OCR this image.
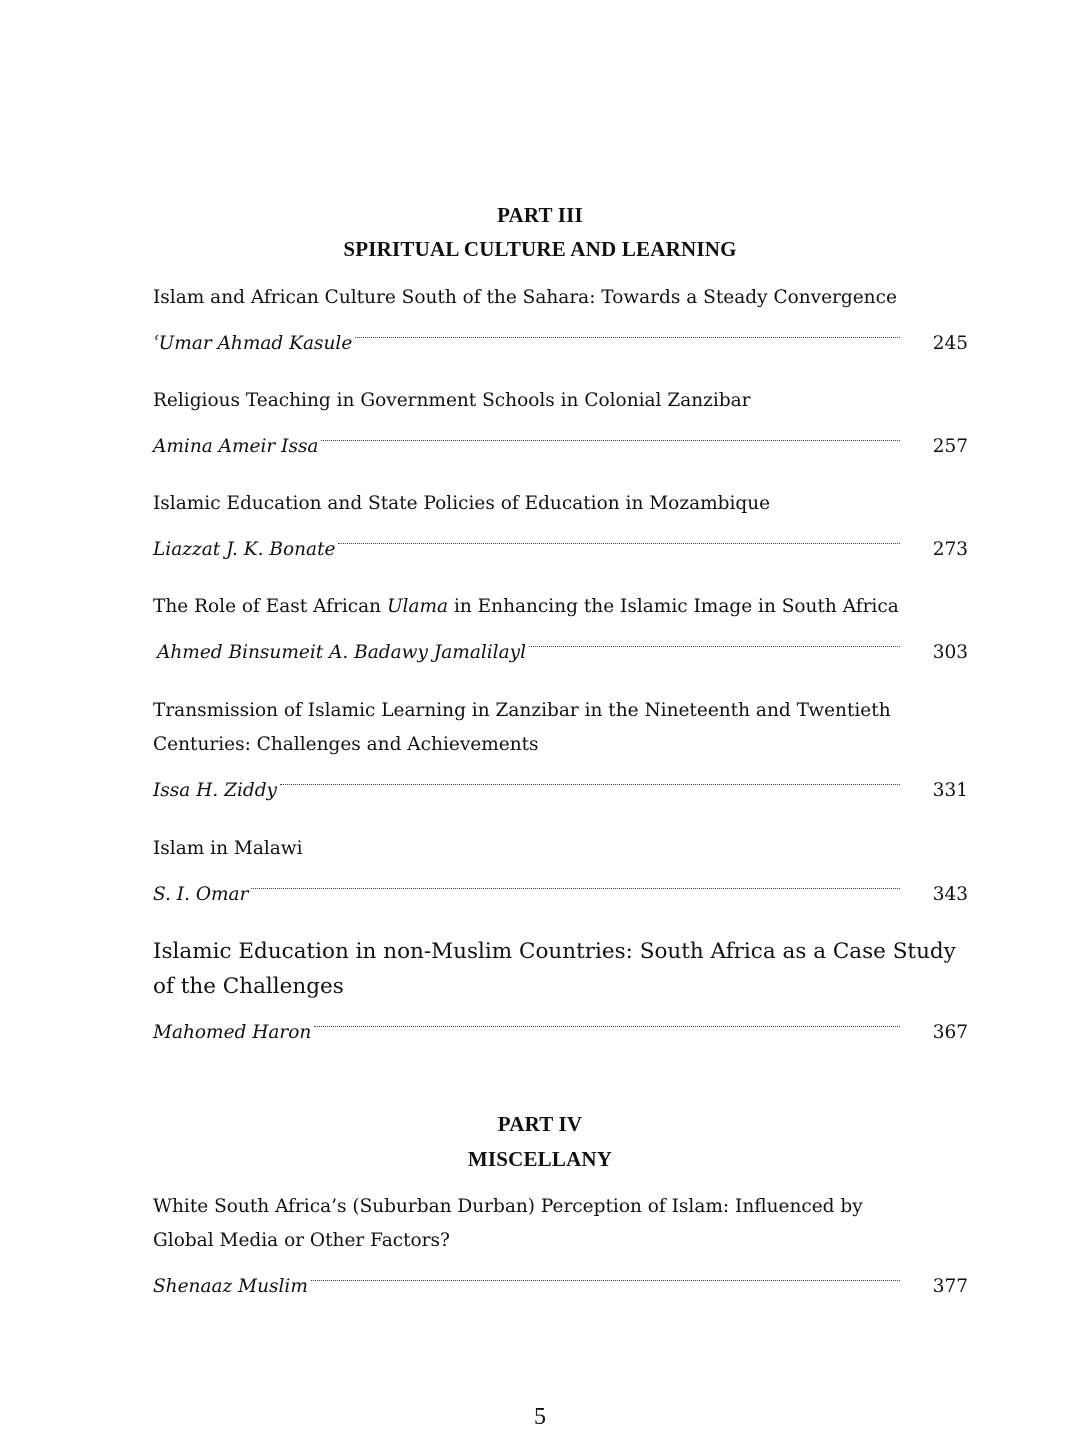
PART III
SPIRITUAL CULTURE AND LEARNING
Islam and African Culture South of the Sahara: Towards a Steady Convergence
ʿUmar Ahmad Kasule	245
Religious Teaching in Government Schools in Colonial Zanzibar
Amina Ameir Issa	257
Islamic Education and State Policies of Education in Mozambique
Liazzat J. K. Bonate	273
The Role of East African Ulama in Enhancing the Islamic Image in South Africa
Ahmed Binsumeit A. Badawy Jamalilayl	303
Transmission of Islamic Learning in Zanzibar in the Nineteenth and Twentieth
Centuries: Challenges and Achievements
Issa H. Ziddy	331
Islam in Malawi
S. I. Omar	343
Islamic Education in non-Muslim Countries: South Africa as a Case Study
of the Challenges
Mahomed Haron	367
PART IV
MISCELLANY
White South Africa’s (Suburban Durban) Perception of Islam: Influenced by
Global Media or Other Factors?
Shenaaz Muslim	377
5
